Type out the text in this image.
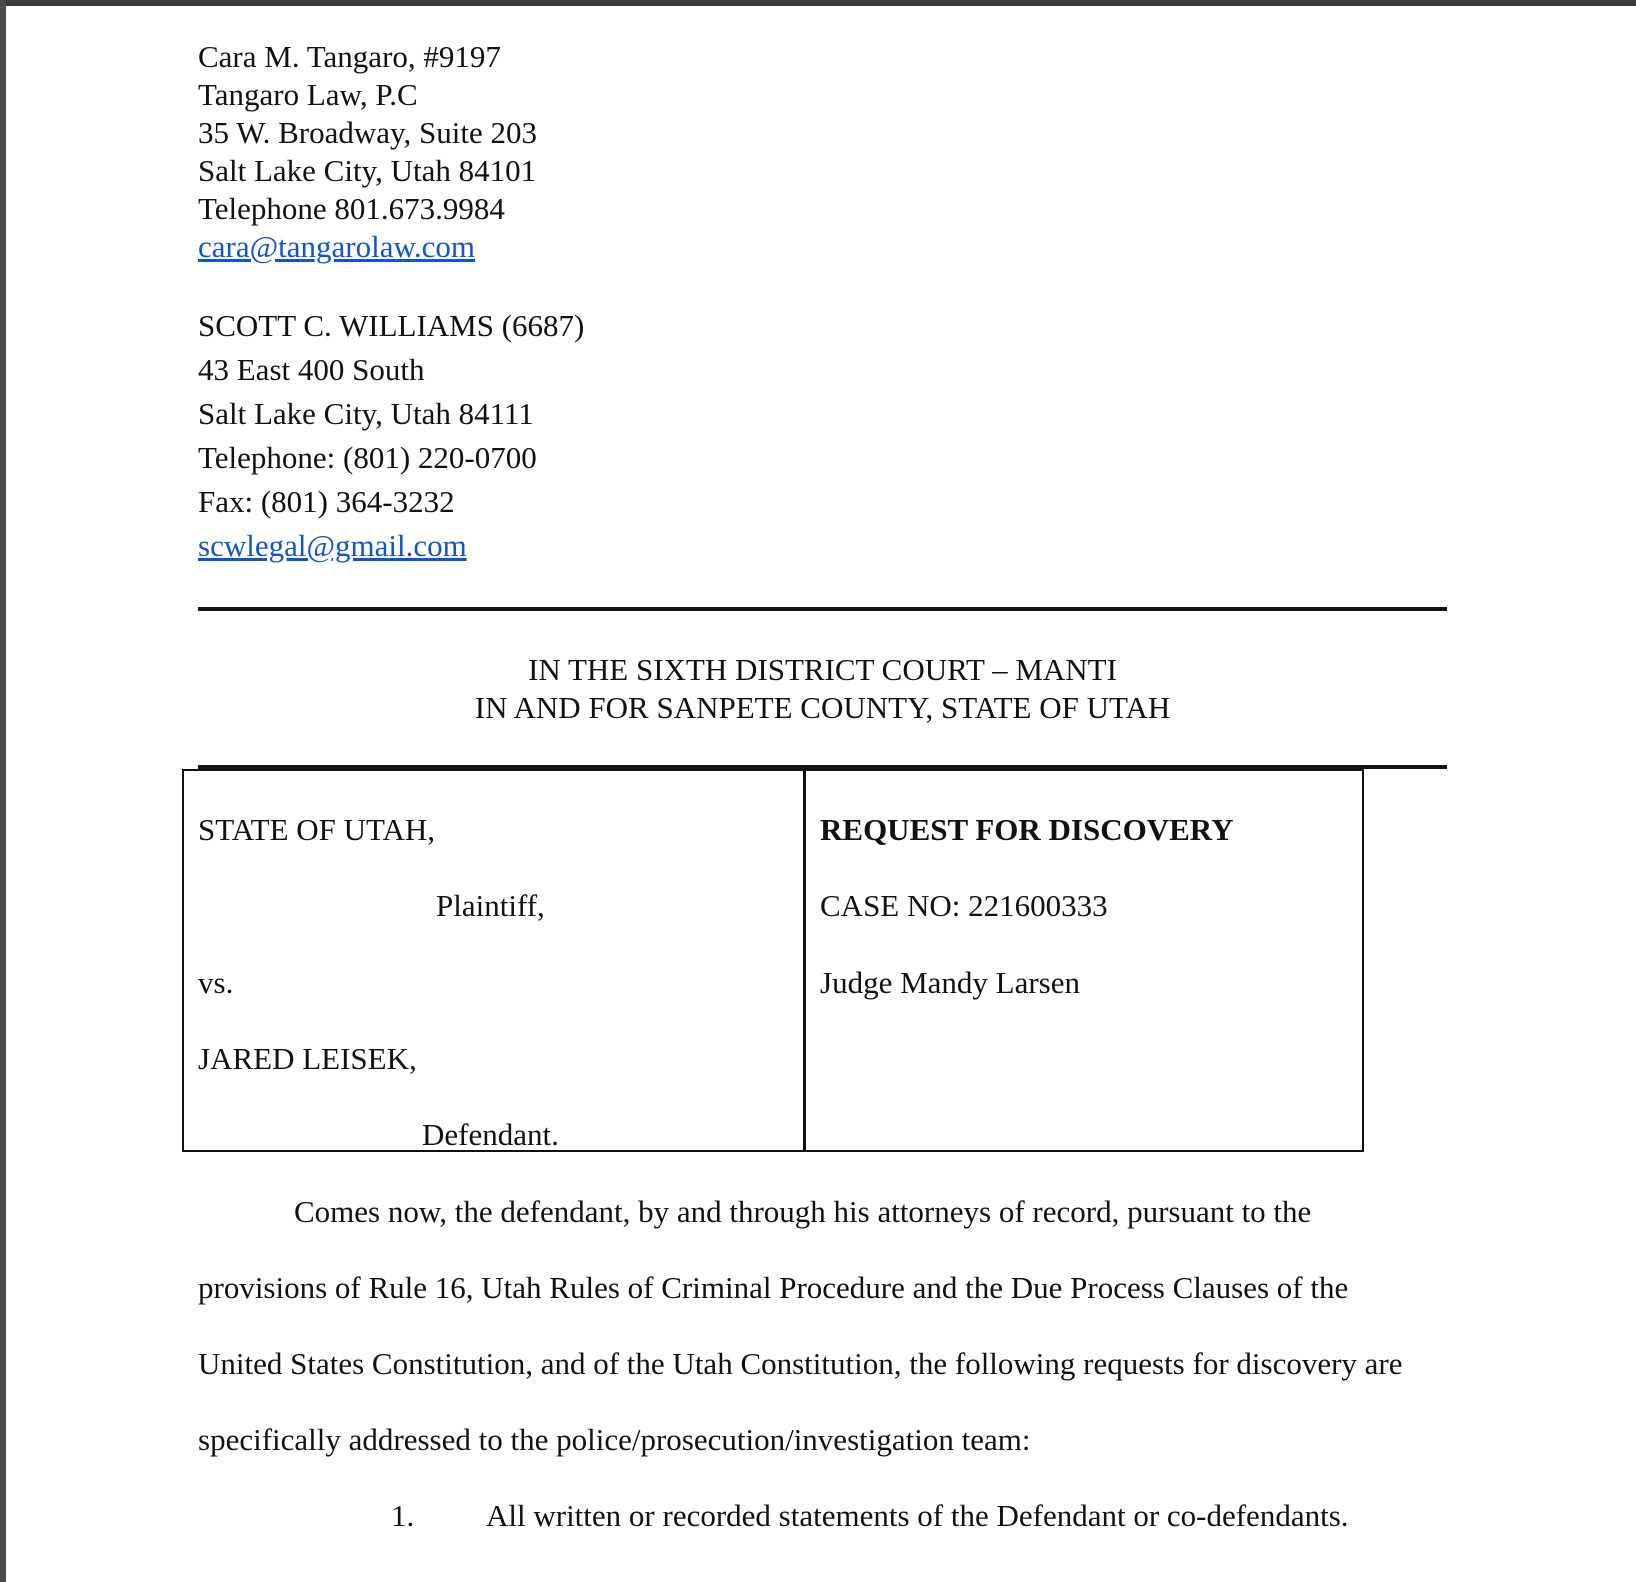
Cara M. Tangaro, #9197

Tangaro Law, P.C

35 W. Broadway, Suite 203

Salt Lake City, Utah 84101

Telephone 801.673.9984

cara@tangarolaw.com

SCOTT C. WILLIAMS (6687)

43 East 400 South

Salt Lake City, Utah 84111

Telephone: (801) 220-0700

Fax: (801) 364-3232

scwlegal@gmail.com

IN THE SIXTH DISTRICT COURT – MANTI
IN AND FOR SANPETE COUNTY, STATE OF UTAH

STATE OF UTAH,

Plaintiff,

vs.

JARED LEISEK,

Defendant.

REQUEST FOR DISCOVERY

CASE NO: 221600333

Judge Mandy Larsen

Comes now, the defendant, by and through his attorneys of record, pursuant to the
provisions of Rule 16, Utah Rules of Criminal Procedure and the Due Process Clauses of the
United States Constitution, and of the Utah Constitution, the following requests for discovery are
specifically addressed to the police/prosecution/investigation team:
1. All written or recorded statements of the Defendant or co-defendants.
